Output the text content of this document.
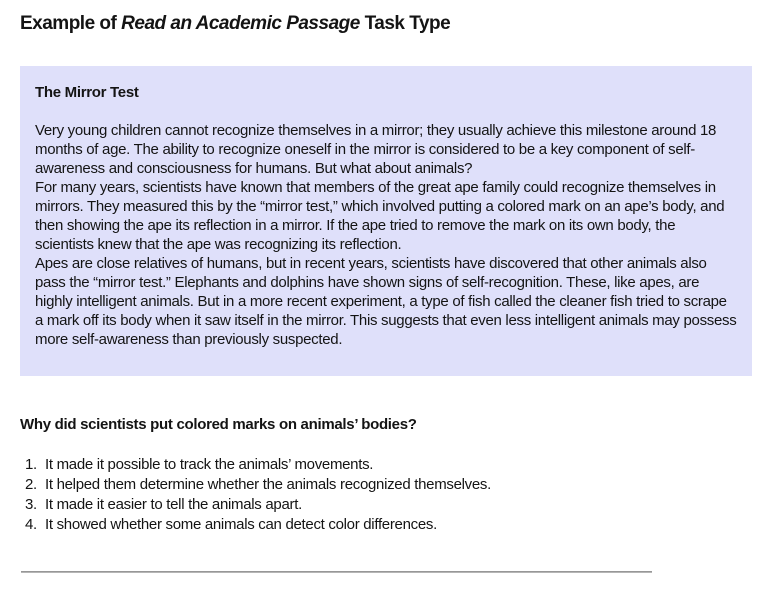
Example of Read an Academic Passage Task Type
The Mirror Test

Very young children cannot recognize themselves in a mirror; they usually achieve this milestone around 18 months of age. The ability to recognize oneself in the mirror is considered to be a key component of self-awareness and consciousness for humans. But what about animals?

For many years, scientists have known that members of the great ape family could recognize themselves in mirrors. They measured this by the “mirror test,” which involved putting a colored mark on an ape’s body, and then showing the ape its reflection in a mirror. If the ape tried to remove the mark on its own body, the scientists knew that the ape was recognizing its reflection.

Apes are close relatives of humans, but in recent years, scientists have discovered that other animals also pass the “mirror test.” Elephants and dolphins have shown signs of self-recognition. These, like apes, are highly intelligent animals. But in a more recent experiment, a type of fish called the cleaner fish tried to scrape a mark off its body when it saw itself in the mirror. This suggests that even less intelligent animals may possess more self-awareness than previously suspected.

Why did scientists put colored marks on animals’ bodies?
1. It made it possible to track the animals’ movements.
2. It helped them determine whether the animals recognized themselves.
3. It made it easier to tell the animals apart.
4. It showed whether some animals can detect color differences.
